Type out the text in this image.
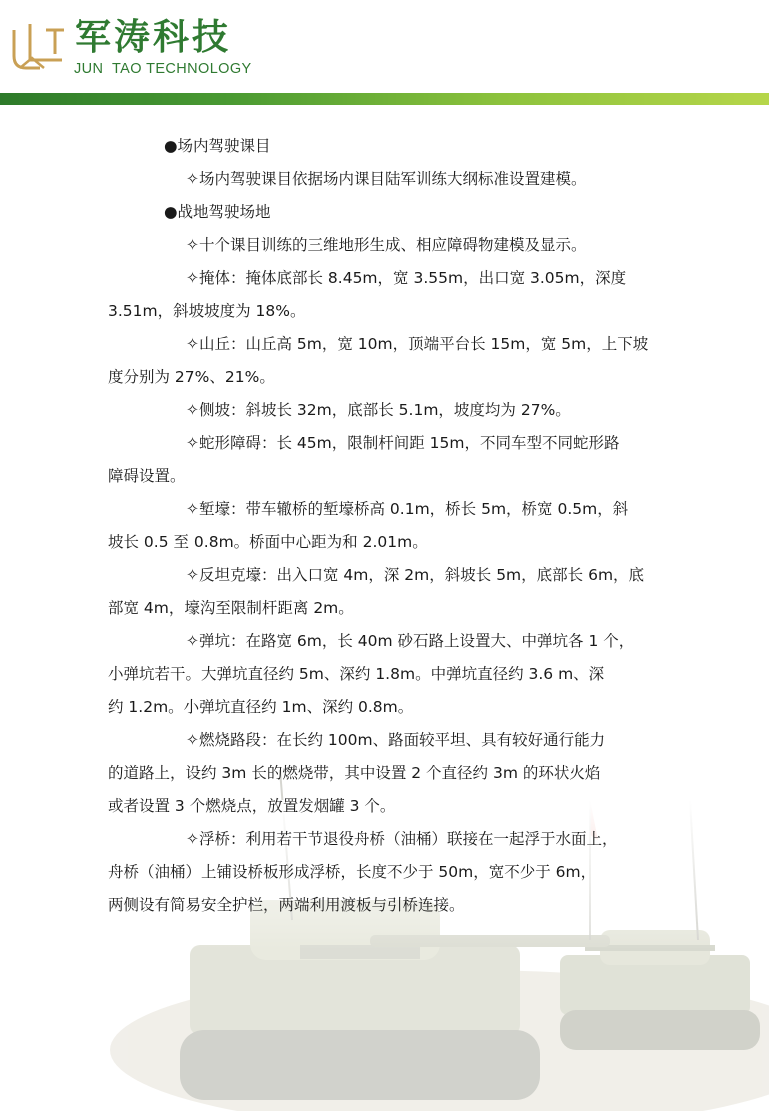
军涛科技
JUN  TAO TECHNOLOGY
●场内驾驶课目
✧场内驾驶课目依据场内课目陆军训练大纲标准设置建模。
●战地驾驶场地
✧十个课目训练的三维地形生成、相应障碍物建模及显示。
✧掩体：掩体底部长 8.45m，宽 3.55m，出口宽 3.05m，深度
3.51m，斜坡坡度为 18%。
✧山丘：山丘高 5m，宽 10m，顶端平台长 15m，宽 5m，上下坡
度分别为 27%、21%。
✧侧坡：斜坡长 32m，底部长 5.1m，坡度均为 27%。
✧蛇形障碍：长 45m，限制杆间距 15m，不同车型不同蛇形路
障碍设置。
✧堑壕：带车辙桥的堑壕桥高 0.1m，桥长 5m，桥宽 0.5m，斜
坡长 0.5 至 0.8m。桥面中心距为和 2.01m。
✧反坦克壕：出入口宽 4m，深 2m，斜坡长 5m，底部长 6m，底
部宽 4m，壕沟至限制杆距离 2m。
✧弹坑：在路宽 6m，长 40m 砂石路上设置大、中弹坑各 1 个，
小弹坑若干。大弹坑直径约 5m、深约 1.8m。中弹坑直径约 3.6 m、深
约 1.2m。小弹坑直径约 1m、深约 0.8m。
✧燃烧路段：在长约 100m、路面较平坦、具有较好通行能力
的道路上，设约 3m 长的燃烧带，其中设置 2 个直径约 3m 的环状火焰
或者设置 3 个燃烧点，放置发烟罐 3 个。
✧浮桥：利用若干节退役舟桥（油桶）联接在一起浮于水面上，
舟桥（油桶）上铺设桥板形成浮桥，长度不少于 50m，宽不少于 6m，
两侧设有简易安全护栏，两端利用渡板与引桥连接。
